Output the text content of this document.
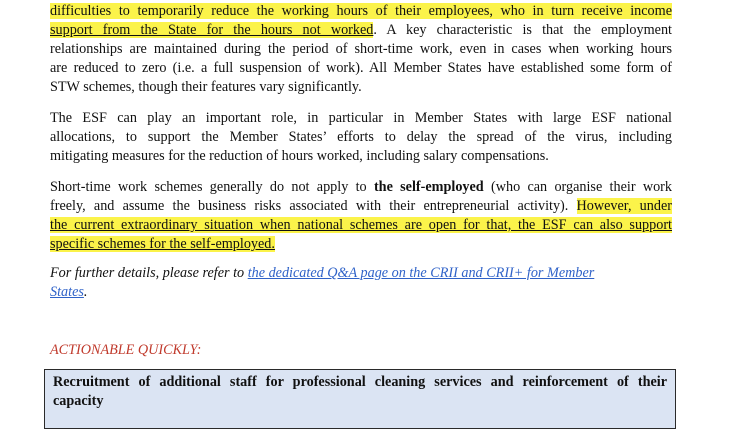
difficulties to temporarily reduce the working hours of their employees, who in turn receive income
support from the State for the hours not worked. A key characteristic is that the employment
relationships are maintained during the period of short-time work, even in cases when working hours
are reduced to zero (i.e. a full suspension of work). All Member States have established some form of
STW schemes, though their features vary significantly.
The ESF can play an important role, in particular in Member States with large ESF national
allocations, to support the Member States’ efforts to delay the spread of the virus, including
mitigating measures for the reduction of hours worked, including salary compensations.
Short-time work schemes generally do not apply to the self-employed (who can organise their work
freely, and assume the business risks associated with their entrepreneurial activity). However, under
the current extraordinary situation when national schemes are open for that, the ESF can also support
specific schemes for the self-employed.
For further details, please refer to the dedicated Q&A page on the CRII and CRII+ for Member
States.
ACTIONABLE QUICKLY:
Recruitment of additional staff for professional cleaning services and reinforcement of their
capacity
